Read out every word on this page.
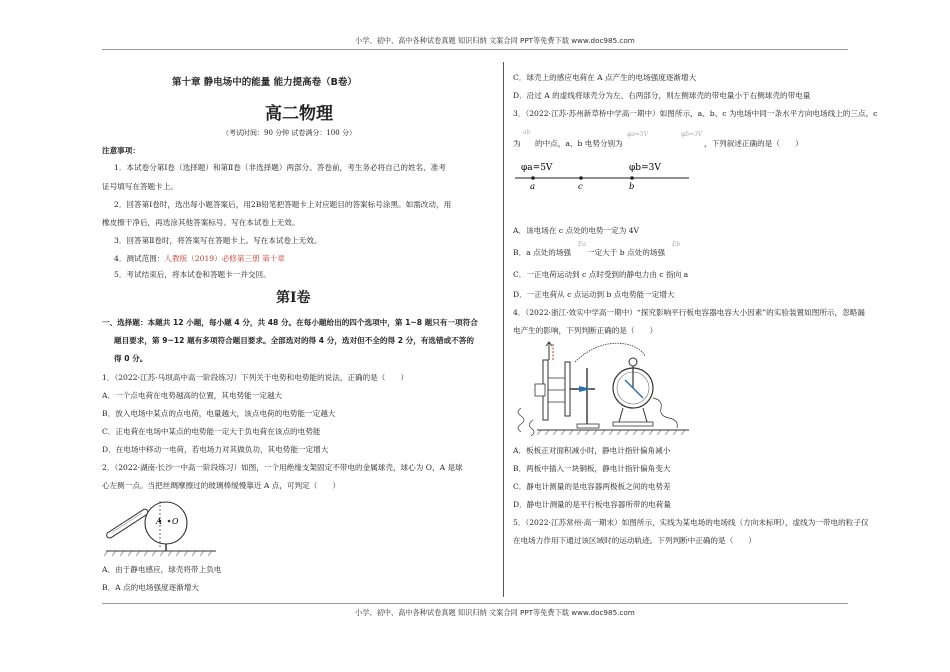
小学、初中、高中各种试卷真题 知识归纳 文案合同 PPT等免费下载 www.doc985.com
小学、初中、高中各种试卷真题 知识归纳 文案合同 PPT等免费下载 www.doc985.com
第十章 静电场中的能量 能力提高卷（B卷）
高二物理
（考试时间：90 分钟 试卷满分：100 分）
注意事项：
1．本试卷分第Ⅰ卷（选择题）和第Ⅱ卷（非选择题）两部分。答卷前，考生务必将自己的姓名、准考
证号填写在答题卡上。
2．回答第Ⅰ卷时，选出每小题答案后，用2B铅笔把答题卡上对应题目的答案标号涂黑。如需改动，用
橡皮擦干净后，再选涂其他答案标号。写在本试卷上无效。
3．回答第Ⅱ卷时，将答案写在答题卡上。写在本试卷上无效。
4．测试范围：人教版（2019）必修第三册 第十章
5．考试结束后，将本试卷和答题卡一并交回。
第Ⅰ卷
一、选择题：本题共 12 小题，每小题 4 分，共 48 分。在每小题给出的四个选项中，第 1~8 题只有一项符合
题目要求，第 9~12 题有多项符合题目要求。全部选对的得 4 分，选对但不全的得 2 分，有选错或不答的
得 0 分。
1．（2022·江苏·马坝高中高一阶段练习）下列关于电势和电势能的说法，正确的是（　　）
A．一个点电荷在电势越高的位置，其电势能一定越大
B．放入电场中某点的点电荷，电量越大，该点电荷的电势能一定越大
C．正电荷在电场中某点的电势能一定大于负电荷在该点的电势能
D．在电场中移动一电荷，若电场力对其做负功，其电势能一定增大
2．（2022·湖南·长沙一中高一阶段练习）如图，一个用绝缘支架固定不带电的金属球壳，球心为 O，A 是球
心左侧一点。当把丝绸摩擦过的玻璃棒缓慢靠近 A 点，可判定（　　）
A O
A．由于静电感应，球壳将带上负电
B．A 点的电场强度逐渐增大
C．球壳上的感应电荷在 A 点产生的电场强度逐渐增大
D．沿过 A 的虚线将球壳分为左、右两部分，则左侧球壳的带电量小于右侧球壳的带电量
3．（2022·江苏·苏州新草桥中学高一期中）如图所示，a、b、c 为电场中同一条水平方向电场线上的三点。c
为
ab
的中点，a、b 电势分别为
φa=5V	φb=3V
，下列叙述正确的是（　　）
φa=5V	φb=3V
a	c	b
A．该电场在 c 点处的电势一定为 4V
B．a 点处的场强
Ea
一定大于 b 点处的场强
Eb
C．一正电荷运动到 c 点时受到的静电力由 c 指向 a
D．一正电荷从 c 点运动到 b 点电势能一定增大
4．（2022·浙江·效实中学高一期中）“探究影响平行板电容器电容大小因素”的实验装置如图所示，忽略漏
电产生的影响，下列判断正确的是（　　）
A．板板正对面积减小时，静电计指针偏角减小
B．两板中插入一块铜板，静电计指针偏角变大
C．静电计测量的是电容器两极板之间的电势差
D．静电计测量的是平行板电容器所带的电荷量
5．（2022·江苏常州·高一期末）如图所示，实线为某电场的电场线（方向未标明），虚线为一带电的粒子仅
在电场力作用下通过该区域时的运动轨迹。下列判断中正确的是（　　）
